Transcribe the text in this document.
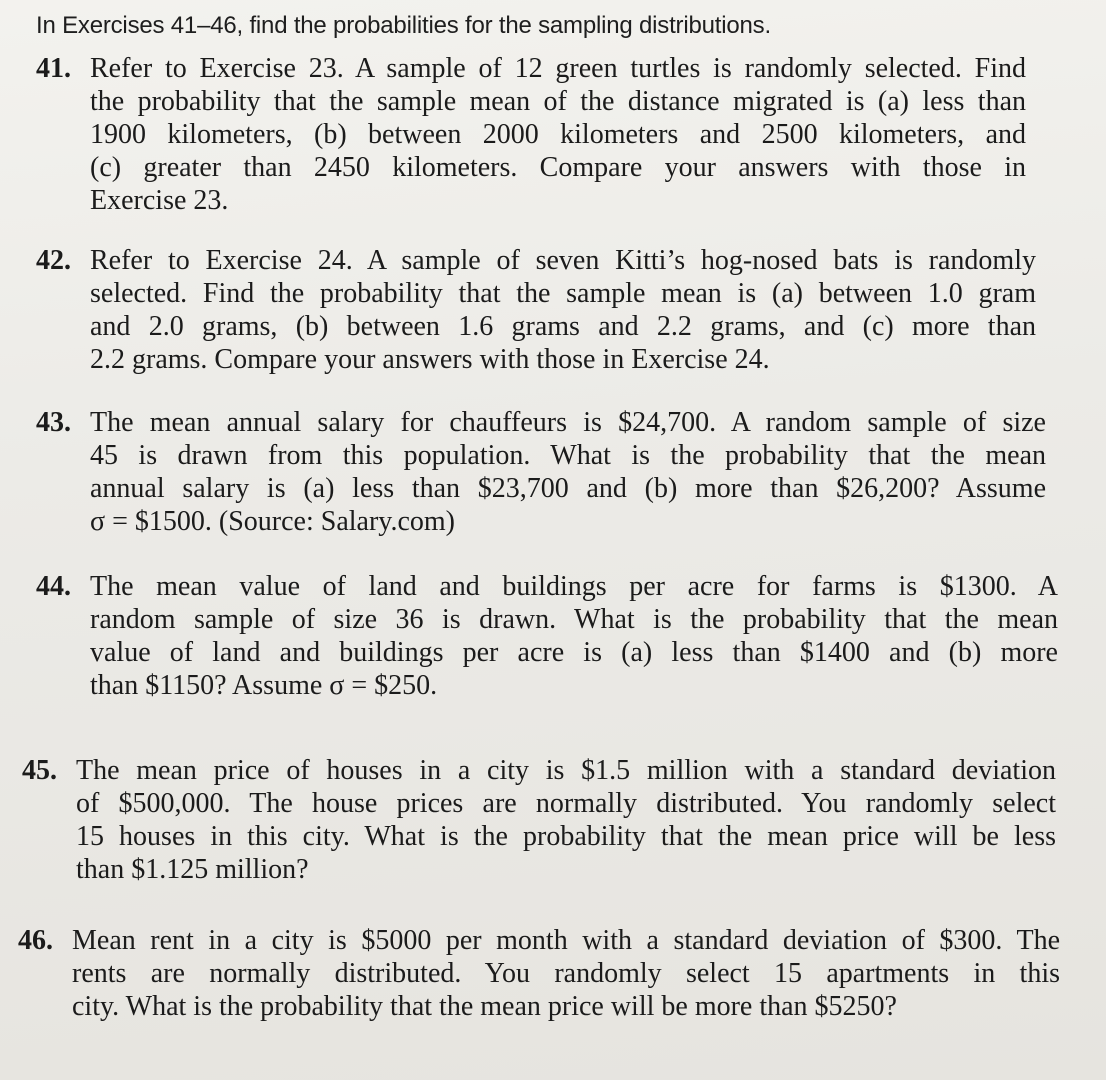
In Exercises 41–46, find the probabilities for the sampling distributions.
41. Refer to Exercise 23. A sample of 12 green turtles is randomly selected. Find
the probability that the sample mean of the distance migrated is (a) less than
1900 kilometers, (b) between 2000 kilometers and 2500 kilometers, and
(c) greater than 2450 kilometers. Compare your answers with those in
Exercise 23.
42. Refer to Exercise 24. A sample of seven Kitti’s hog-nosed bats is randomly
selected. Find the probability that the sample mean is (a) between 1.0 gram
and 2.0 grams, (b) between 1.6 grams and 2.2 grams, and (c) more than
2.2 grams. Compare your answers with those in Exercise 24.
43. The mean annual salary for chauffeurs is $24,700. A random sample of size
45 is drawn from this population. What is the probability that the mean
annual salary is (a) less than $23,700 and (b) more than $26,200? Assume
σ = $1500. (Source: Salary.com)
44. The mean value of land and buildings per acre for farms is $1300. A
random sample of size 36 is drawn. What is the probability that the mean
value of land and buildings per acre is (a) less than $1400 and (b) more
than $1150? Assume σ = $250.
45. The mean price of houses in a city is $1.5 million with a standard deviation
of $500,000. The house prices are normally distributed. You randomly select
15 houses in this city. What is the probability that the mean price will be less
than $1.125 million?
46. Mean rent in a city is $5000 per month with a standard deviation of $300. The
rents are normally distributed. You randomly select 15 apartments in this
city. What is the probability that the mean price will be more than $5250?
